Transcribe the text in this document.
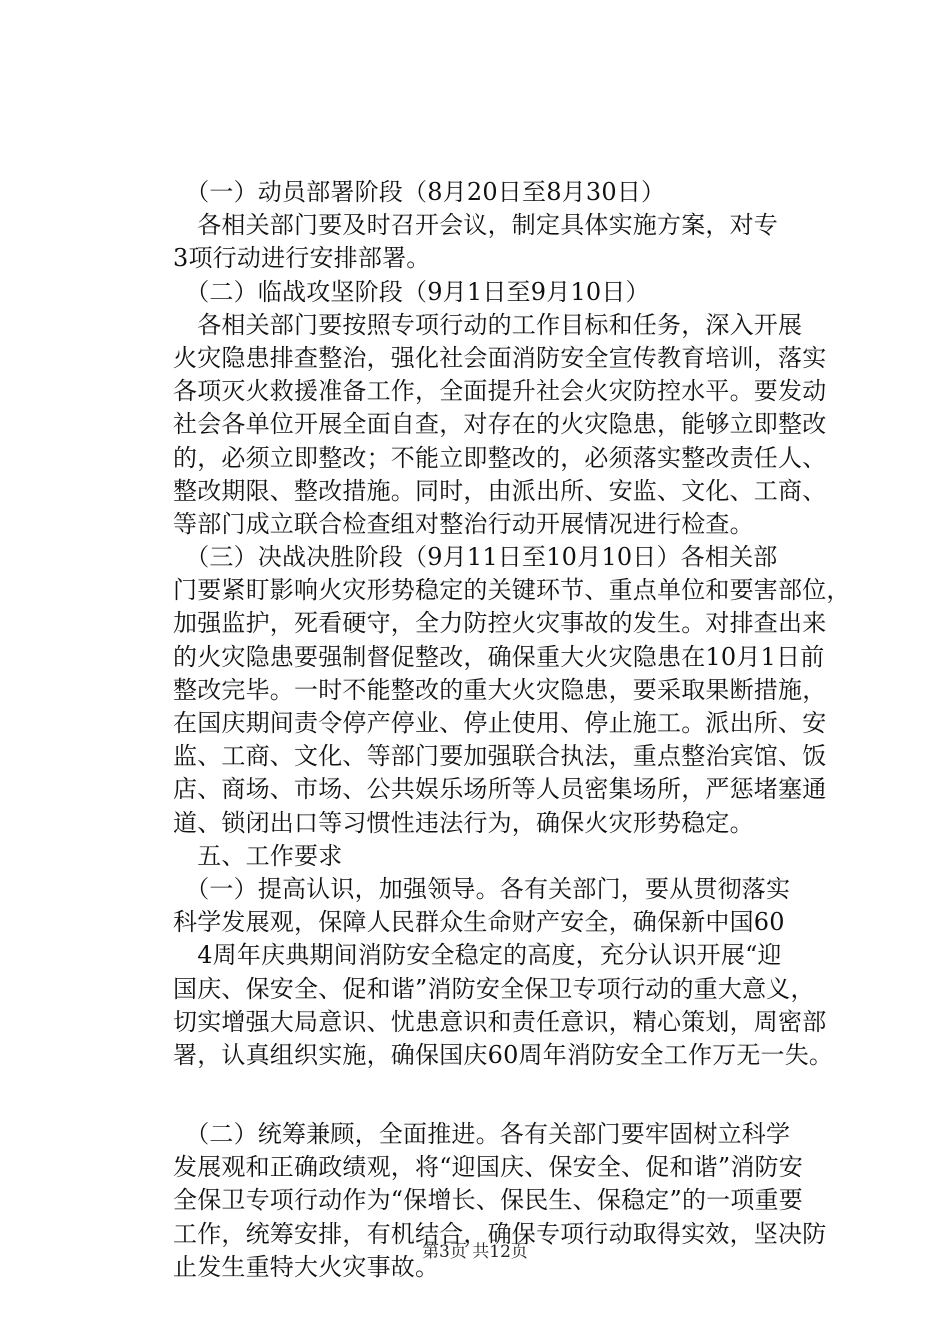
　（一）动员部署阶段（8月20日至8月30日）
　各相关部门要及时召开会议，制定具体实施方案，对专
3项行动进行安排部署。
　（二）临战攻坚阶段（9月1日至9月10日）
　各相关部门要按照专项行动的工作目标和任务，深入开展
火灾隐患排查整治，强化社会面消防安全宣传教育培训，落实
各项灭火救援准备工作，全面提升社会火灾防控水平。要发动
社会各单位开展全面自查，对存在的火灾隐患，能够立即整改
的，必须立即整改；不能立即整改的，必须落实整改责任人、
整改期限、整改措施。同时，由派出所、安监、文化、工商、
等部门成立联合检查组对整治行动开展情况进行检查。
　（三）决战决胜阶段（9月11日至10月10日）各相关部
门要紧盯影响火灾形势稳定的关键环节、重点单位和要害部位，
加强监护，死看硬守，全力防控火灾事故的发生。对排查出来
的火灾隐患要强制督促整改，确保重大火灾隐患在10月1日前
整改完毕。一时不能整改的重大火灾隐患，要采取果断措施，
在国庆期间责令停产停业、停止使用、停止施工。派出所、安
监、工商、文化、等部门要加强联合执法，重点整治宾馆、饭
店、商场、市场、公共娱乐场所等人员密集场所，严惩堵塞通
道、锁闭出口等习惯性违法行为，确保火灾形势稳定。
　五、工作要求
　（一）提高认识，加强领导。各有关部门，要从贯彻落实
科学发展观，保障人民群众生命财产安全，确保新中国60
　4周年庆典期间消防安全稳定的高度，充分认识开展“迎
国庆、保安全、促和谐”消防安全保卫专项行动的重大意义，
切实增强大局意识、忧患意识和责任意识，精心策划，周密部
署，认真组织实施，确保国庆60周年消防安全工作万无一失。
　（二）统筹兼顾，全面推进。各有关部门要牢固树立科学
发展观和正确政绩观，将“迎国庆、保安全、促和谐”消防安
全保卫专项行动作为“保增长、保民生、保稳定”的一项重要
工作，统筹安排，有机结合，确保专项行动取得实效，坚决防
止发生重特大火灾事故。
第3页 共12页
